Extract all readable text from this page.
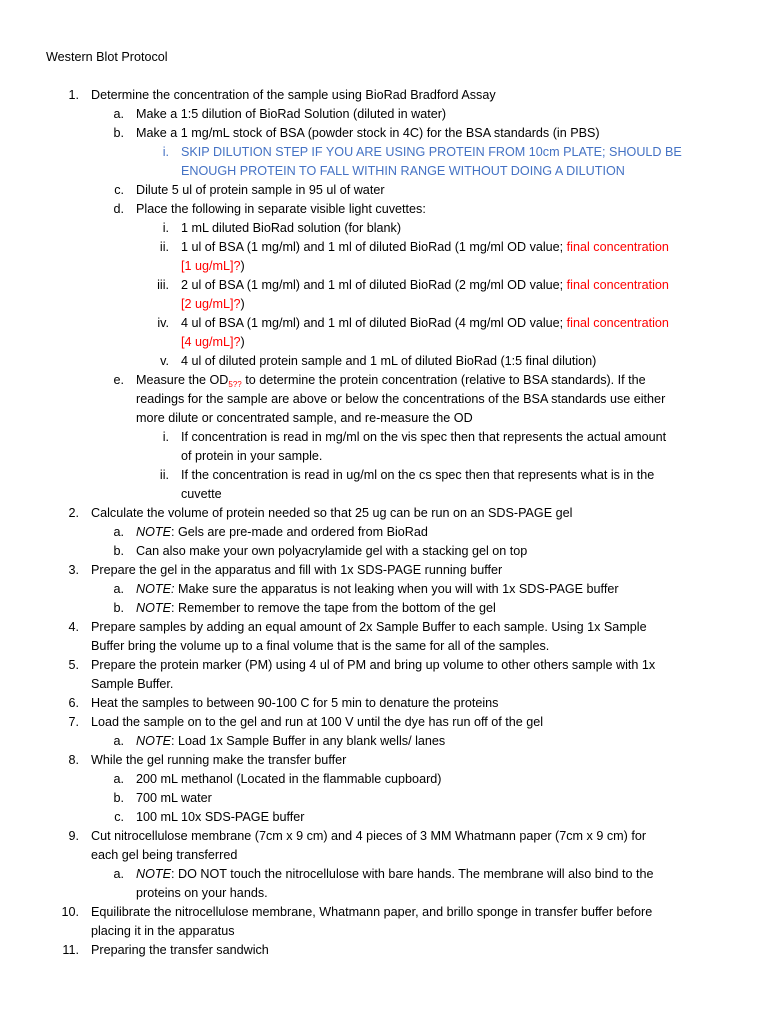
Western Blot Protocol
1. Determine the concentration of the sample using BioRad Bradford Assay
a. Make a 1:5 dilution of BioRad Solution (diluted in water)
b. Make a 1 mg/mL stock of BSA (powder stock in 4C) for the BSA standards (in PBS)
i. SKIP DILUTION STEP IF YOU ARE USING PROTEIN FROM 10cm PLATE; SHOULD BE
ENOUGH PROTEIN TO FALL WITHIN RANGE WITHOUT DOING A DILUTION
c. Dilute 5 ul of protein sample in 95 ul of water
d. Place the following in separate visible light cuvettes:
i. 1 mL diluted BioRad solution (for blank)
ii. 1 ul of BSA (1 mg/ml) and 1 ml of diluted BioRad (1 mg/ml OD value; final concentration
[1 ug/mL]?)
iii. 2 ul of BSA (1 mg/ml) and 1 ml of diluted BioRad (2 mg/ml OD value; final concentration
[2 ug/mL]?)
iv. 4 ul of BSA (1 mg/ml) and 1 ml of diluted BioRad (4 mg/ml OD value; final concentration
[4 ug/mL]?)
v. 4 ul of diluted protein sample and 1 mL of diluted BioRad (1:5 final dilution)
e. Measure the $OD_{5??}$ to determine the protein concentration (relative to BSA standards). If the
readings for the sample are above or below the concentrations of the BSA standards use either
more dilute or concentrated sample, and re-measure the OD
i. If concentration is read in mg/ml on the vis spec then that represents the actual amount
of protein in your sample.
ii. If the concentration is read in ug/ml on the cs spec then that represents what is in the
cuvette
2. Calculate the volume of protein needed so that 25 ug can be run on an SDS-PAGE gel
a. NOTE: Gels are pre-made and ordered from BioRad
b. Can also make your own polyacrylamide gel with a stacking gel on top
3. Prepare the gel in the apparatus and fill with 1x SDS-PAGE running buffer
a. NOTE: Make sure the apparatus is not leaking when you will with 1x SDS-PAGE buffer
b. NOTE: Remember to remove the tape from the bottom of the gel
4. Prepare samples by adding an equal amount of 2x Sample Buffer to each sample. Using 1x Sample
Buffer bring the volume up to a final volume that is the same for all of the samples.
5. Prepare the protein marker (PM) using 4 ul of PM and bring up volume to other others sample with 1x
Sample Buffer.
6. Heat the samples to between 90-100 C for 5 min to denature the proteins
7. Load the sample on to the gel and run at 100 V until the dye has run off of the gel
a. NOTE: Load 1x Sample Buffer in any blank wells/ lanes
8. While the gel running make the transfer buffer
a. 200 mL methanol (Located in the flammable cupboard)
b. 700 mL water
c. 100 mL 10x SDS-PAGE buffer
9. Cut nitrocellulose membrane (7cm x 9 cm) and 4 pieces of 3 MM Whatmann paper (7cm x 9 cm) for
each gel being transferred
a. NOTE: DO NOT touch the nitrocellulose with bare hands. The membrane will also bind to the
proteins on your hands.
10. Equilibrate the nitrocellulose membrane, Whatmann paper, and brillo sponge in transfer buffer before
placing it in the apparatus
11. Preparing the transfer sandwich
